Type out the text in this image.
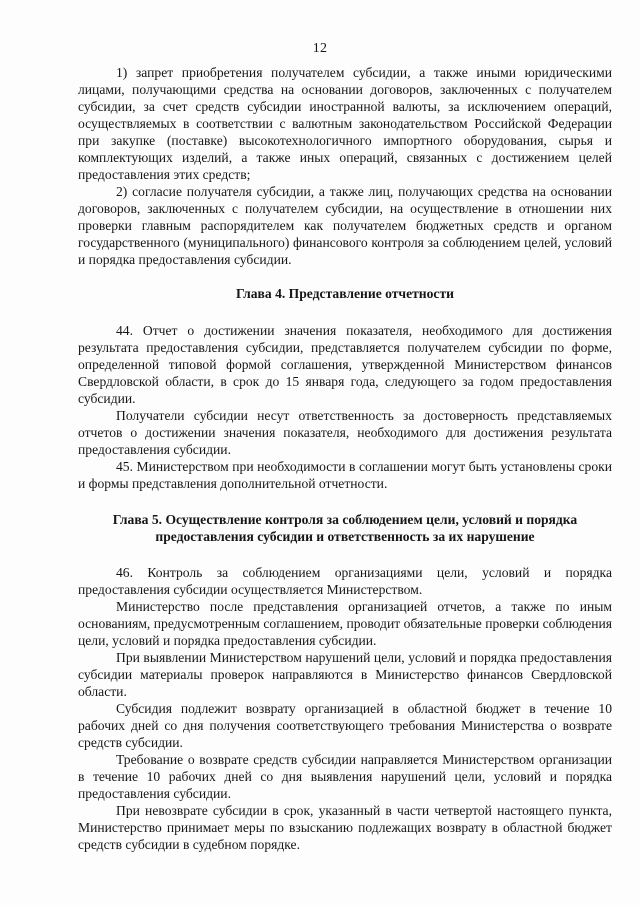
12

1) запрет приобретения получателем субсидии, а также иными юридическими лицами, получающими средства на основании договоров, заключенных с получателем субсидии, за счет средств субсидии иностранной валюты, за исключением операций, осуществляемых в соответствии с валютным законодательством Российской Федерации при закупке (поставке) высокотехнологичного импортного оборудования, сырья и комплектующих изделий, а также иных операций, связанных с достижением целей предоставления этих средств;

2) согласие получателя субсидии, а также лиц, получающих средства на основании договоров, заключенных с получателем субсидии, на осуществление в отношении них проверки главным распорядителем как получателем бюджетных средств и органом государственного (муниципального) финансового контроля за соблюдением целей, условий и порядка предоставления субсидии.

Глава 4. Представление отчетности

44. Отчет о достижении значения показателя, необходимого для достижения результата предоставления субсидии, представляется получателем субсидии по форме, определенной типовой формой соглашения, утвержденной Министерством финансов Свердловской области, в срок до 15 января года, следующего за годом предоставления субсидии.

Получатели субсидии несут ответственность за достоверность представляемых отчетов о достижении значения показателя, необходимого для достижения результата предоставления субсидии.

45. Министерством при необходимости в соглашении могут быть установлены сроки и формы представления дополнительной отчетности.

Глава 5. Осуществление контроля за соблюдением цели, условий и порядка предоставления субсидии и ответственность за их нарушение

46. Контроль за соблюдением организациями цели, условий и порядка предоставления субсидии осуществляется Министерством.

Министерство после представления организацией отчетов, а также по иным основаниям, предусмотренным соглашением, проводит обязательные проверки соблюдения цели, условий и порядка предоставления субсидии.

При выявлении Министерством нарушений цели, условий и порядка предоставления субсидии материалы проверок направляются в Министерство финансов Свердловской области.

Субсидия подлежит возврату организацией в областной бюджет в течение 10 рабочих дней со дня получения соответствующего требования Министерства о возврате средств субсидии.

Требование о возврате средств субсидии направляется Министерством организации в течение 10 рабочих дней со дня выявления нарушений цели, условий и порядка предоставления субсидии.

При невозврате субсидии в срок, указанный в части четвертой настоящего пункта, Министерство принимает меры по взысканию подлежащих возврату в областной бюджет средств субсидии в судебном порядке.
